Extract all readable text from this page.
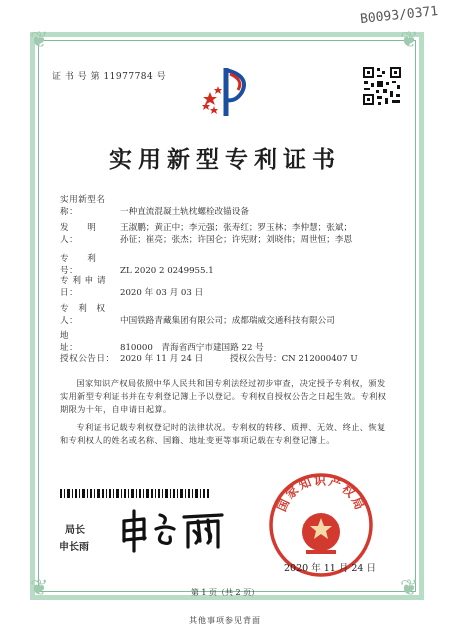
❦	❦
❦	❦
B0093/0371
证 书 号 第 11977784 号
实用新型专利证书
实用新型名称：	一种直流混凝土轨枕螺栓改锚设备
发　　明　　人：
王淑鹏；黄正中；李元强；张寿红；罗玉林；李仲慧；张斌；孙征；崔亮；张杰；许国仑；许宪财；刘晓伟；周世恒；李恩
专　　利　　号：	ZL 2020 2 0249955.1
专 利 申 请 日：	2020 年 03 月 03 日
专　利　权　人：	中国铁路青藏集团有限公司；成都瑞威交通科技有限公司
地　　　　址：	810000　青海省西宁市建国路 22 号
授权公告日： 2020 年 11 月 24 日	授权公告号：CN 212000407 U
国家知识产权局依照中华人民共和国专利法经过初步审查，决定授予专利权，颁发实用新型专利证书并在专利登记簿上予以登记。专利权自授权公告之日起生效。专利权期限为十年，自申请日起算。
专利证书记载专利权登记时的法律状况。专利权的转移、质押、无效、终止、恢复和专利权人的姓名或名称、国籍、地址变更等事项记载在专利登记簿上。
局长
申长雨
国家知识产权局
2020 年 11 月 24 日
第 1 页（共 2 页）
其他事项参见背面
